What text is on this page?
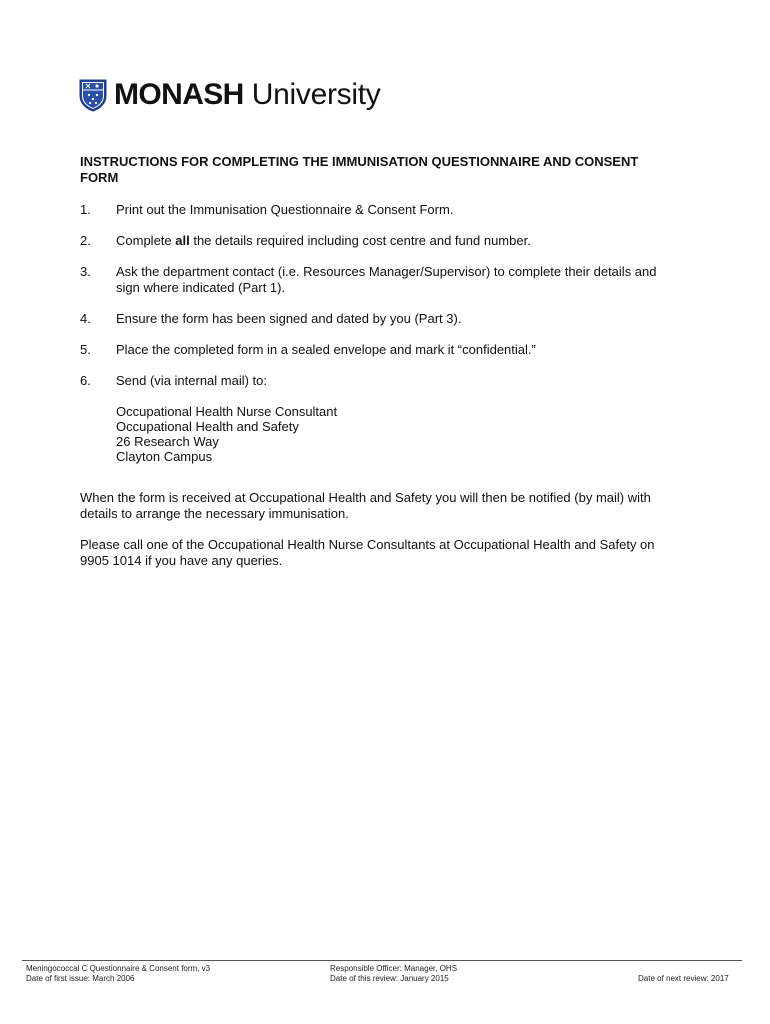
MONASH University
INSTRUCTIONS FOR COMPLETING THE IMMUNISATION QUESTIONNAIRE AND CONSENT FORM
1. Print out the Immunisation Questionnaire & Consent Form.
2. Complete all the details required including cost centre and fund number.
3. Ask the department contact (i.e. Resources Manager/Supervisor) to complete their details and sign where indicated (Part 1).
4. Ensure the form has been signed and dated by you (Part 3).
5. Place the completed form in a sealed envelope and mark it “confidential.”
6. Send (via internal mail) to:
Occupational Health Nurse Consultant
Occupational Health and Safety
26 Research Way
Clayton Campus

When the form is received at Occupational Health and Safety you will then be notified (by mail) with details to arrange the necessary immunisation.

Please call one of the Occupational Health Nurse Consultants at Occupational Health and Safety on 9905 1014 if you have any queries.

Meningococcal C Questionnaire & Consent form, v3
Date of first issue: March 2006
Responsible Officer: Manager, OHS
Date of this review: January 2015	Date of next review: 2017
